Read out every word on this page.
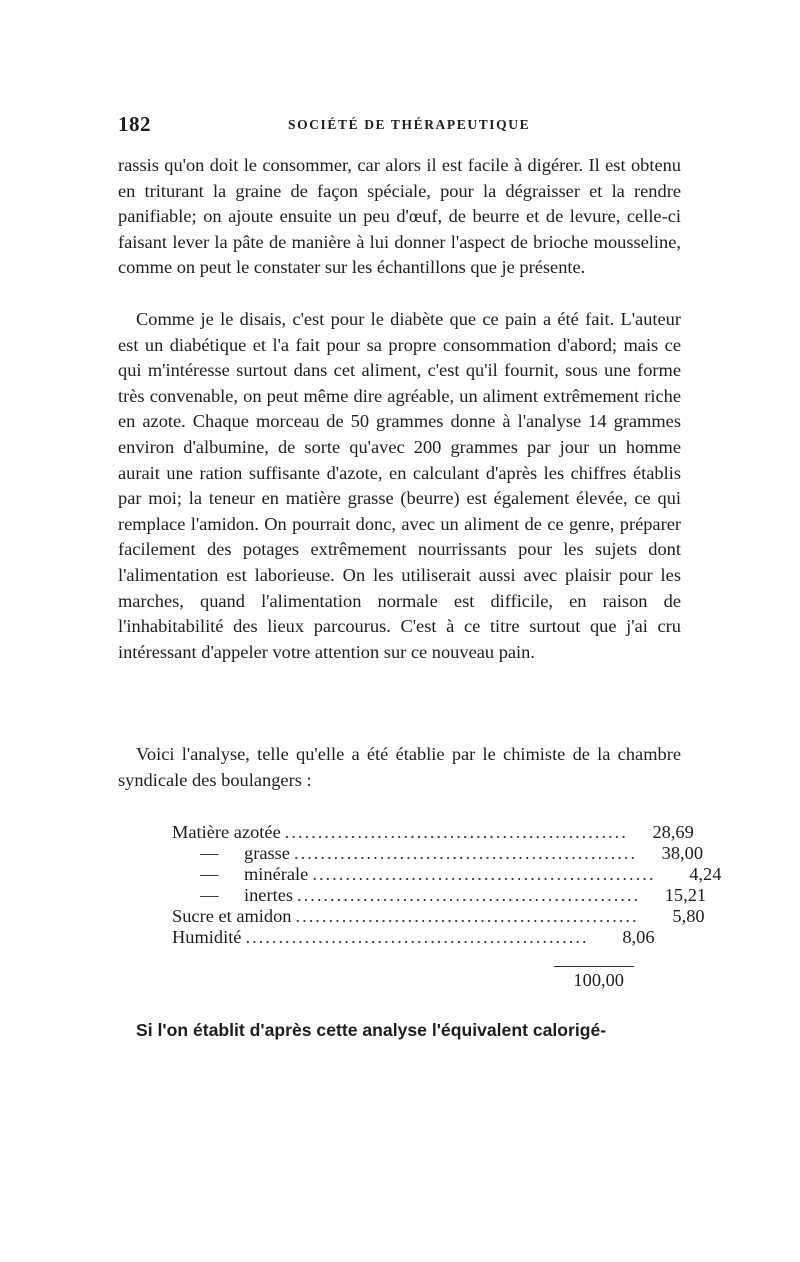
182	SOCIÉTÉ DE THÉRAPEUTIQUE

rassis qu'on doit le consommer, car alors il est facile à digérer. Il est obtenu en triturant la graine de façon spéciale, pour la dégraisser et la rendre panifiable; on ajoute ensuite un peu d'œuf, de beurre et de levure, celle-ci faisant lever la pâte de manière à lui donner l'aspect de brioche mousseline, comme on peut le constater sur les échantillons que je présente.

Comme je le disais, c'est pour le diabète que ce pain a été fait. L'auteur est un diabétique et l'a fait pour sa propre consommation d'abord; mais ce qui m'intéresse surtout dans cet aliment, c'est qu'il fournit, sous une forme très convenable, on peut même dire agréable, un aliment extrêmement riche en azote. Chaque morceau de 50 grammes donne à l'analyse 14 grammes environ d'albumine, de sorte qu'avec 200 grammes par jour un homme aurait une ration suffisante d'azote, en calculant d'après les chiffres établis par moi; la teneur en matière grasse (beurre) est également élevée, ce qui remplace l'amidon. On pourrait donc, avec un aliment de ce genre, préparer facilement des potages extrêmement nourrissants pour les sujets dont l'alimentation est laborieuse. On les utiliserait aussi avec plaisir pour les marches, quand l'alimentation normale est difficile, en raison de l'inhabitabilité des lieux parcourus. C'est à ce titre surtout que j'ai cru intéressant d'appeler votre attention sur ce nouveau pain.

Voici l'analyse, telle qu'elle a été établie par le chimiste de la chambre syndicale des boulangers :

Matière azotée ....................................................	28,69
— grasse ....................................................	38,00
— minérale ....................................................	4,24
— inertes ....................................................	15,21
Sucre et amidon ....................................................	5,80
Humidité ....................................................	8,06
100,00

Si l'on établit d'après cette analyse l'équivalent calorigé-
